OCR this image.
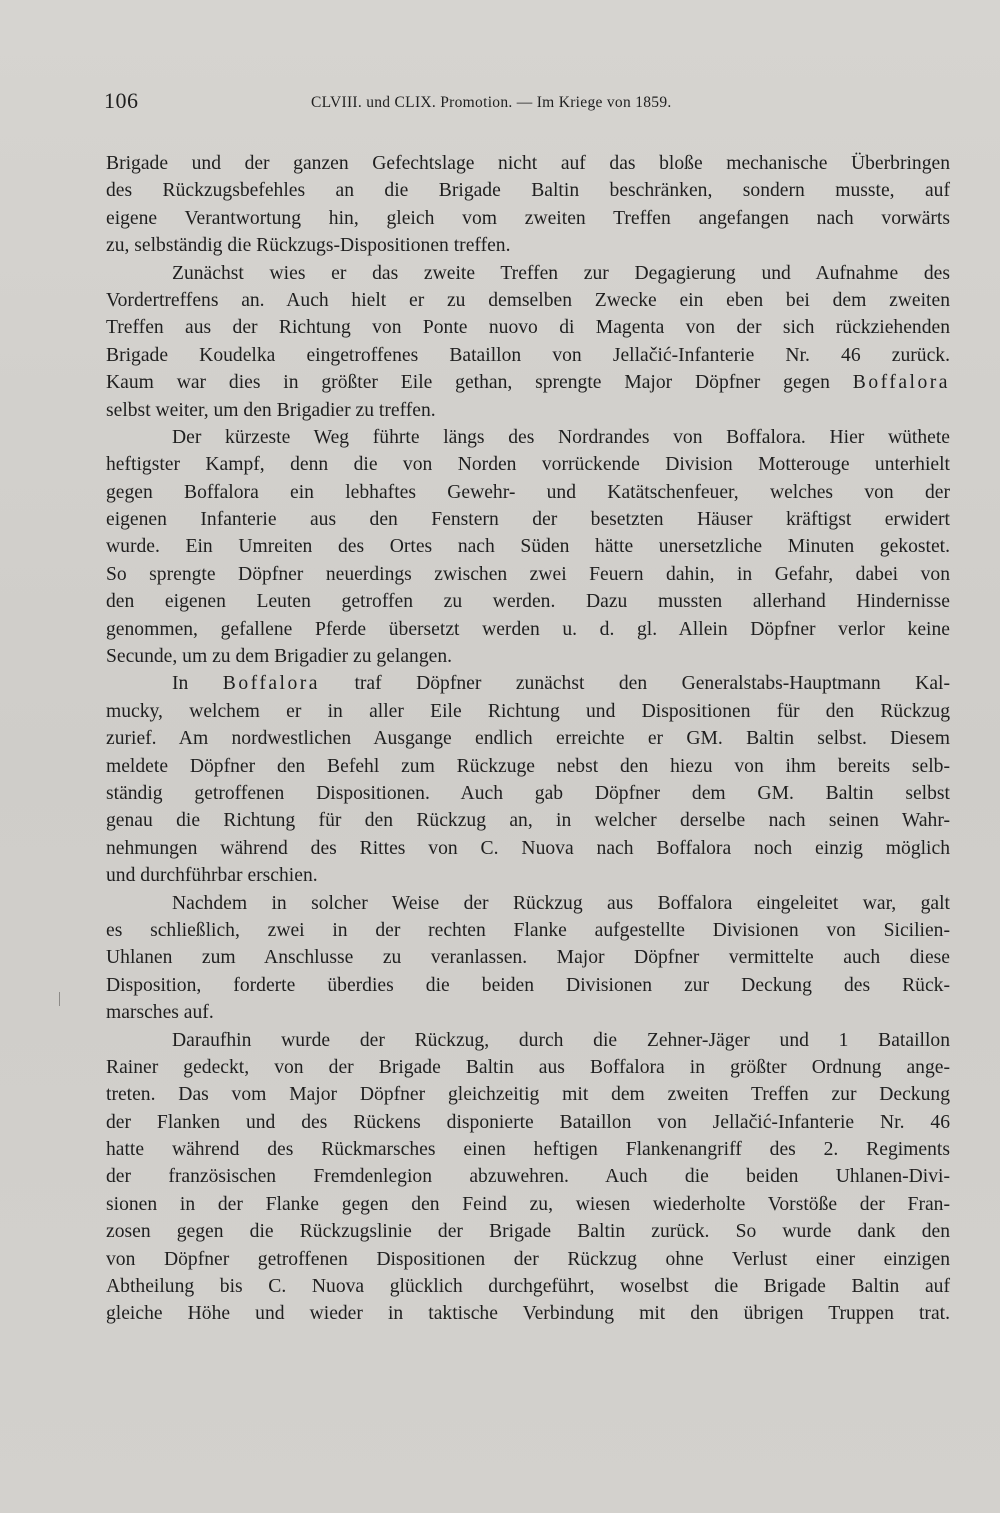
106	CLVIII. und CLIX. Promotion. — Im Kriege von 1859.
Brigade und der ganzen Gefechtslage nicht auf das bloße mechanische Überbringen
des Rückzugsbefehles an die Brigade Baltin beschränken, sondern musste, auf
eigene Verantwortung hin, gleich vom zweiten Treffen angefangen nach vorwärts
zu, selbständig die Rückzugs-Dispositionen treffen.
Zunächst wies er das zweite Treffen zur Degagierung und Aufnahme des
Vordertreffens an. Auch hielt er zu demselben Zwecke ein eben bei dem zweiten
Treffen aus der Richtung von Ponte nuovo di Magenta von der sich rückziehenden
Brigade Koudelka eingetroffenes Bataillon von Jellačić-Infanterie Nr. 46 zurück.
Kaum war dies in größter Eile gethan, sprengte Major Döpfner gegen Boffalora
selbst weiter, um den Brigadier zu treffen.
Der kürzeste Weg führte längs des Nordrandes von Boffalora. Hier wüthete
heftigster Kampf, denn die von Norden vorrückende Division Motterouge unterhielt
gegen Boffalora ein lebhaftes Gewehr- und Katätschenfeuer, welches von der
eigenen Infanterie aus den Fenstern der besetzten Häuser kräftigst erwidert
wurde. Ein Umreiten des Ortes nach Süden hätte unersetzliche Minuten gekostet.
So sprengte Döpfner neuerdings zwischen zwei Feuern dahin, in Gefahr, dabei von
den eigenen Leuten getroffen zu werden. Dazu mussten allerhand Hindernisse
genommen, gefallene Pferde übersetzt werden u. d. gl. Allein Döpfner verlor keine
Secunde, um zu dem Brigadier zu gelangen.
In Boffalora traf Döpfner zunächst den Generalstabs-Hauptmann Kal-
mucky, welchem er in aller Eile Richtung und Dispositionen für den Rückzug
zurief. Am nordwestlichen Ausgange endlich erreichte er GM. Baltin selbst. Diesem
meldete Döpfner den Befehl zum Rückzuge nebst den hiezu von ihm bereits selb-
ständig getroffenen Dispositionen. Auch gab Döpfner dem GM. Baltin selbst
genau die Richtung für den Rückzug an, in welcher derselbe nach seinen Wahr-
nehmungen während des Rittes von C. Nuova nach Boffalora noch einzig möglich
und durchführbar erschien.
Nachdem in solcher Weise der Rückzug aus Boffalora eingeleitet war, galt
es schließlich, zwei in der rechten Flanke aufgestellte Divisionen von Sicilien-
Uhlanen zum Anschlusse zu veranlassen. Major Döpfner vermittelte auch diese
Disposition, forderte überdies die beiden Divisionen zur Deckung des Rück-
marsches auf.
Daraufhin wurde der Rückzug, durch die Zehner-Jäger und 1 Bataillon
Rainer gedeckt, von der Brigade Baltin aus Boffalora in größter Ordnung ange-
treten. Das vom Major Döpfner gleichzeitig mit dem zweiten Treffen zur Deckung
der Flanken und des Rückens disponierte Bataillon von Jellačić-Infanterie Nr. 46
hatte während des Rückmarsches einen heftigen Flankenangriff des 2. Regiments
der französischen Fremdenlegion abzuwehren. Auch die beiden Uhlanen-Divi-
sionen in der Flanke gegen den Feind zu, wiesen wiederholte Vorstöße der Fran-
zosen gegen die Rückzugslinie der Brigade Baltin zurück. So wurde dank den
von Döpfner getroffenen Dispositionen der Rückzug ohne Verlust einer einzigen
Abtheilung bis C. Nuova glücklich durchgeführt, woselbst die Brigade Baltin auf
gleiche Höhe und wieder in taktische Verbindung mit den übrigen Truppen trat.
